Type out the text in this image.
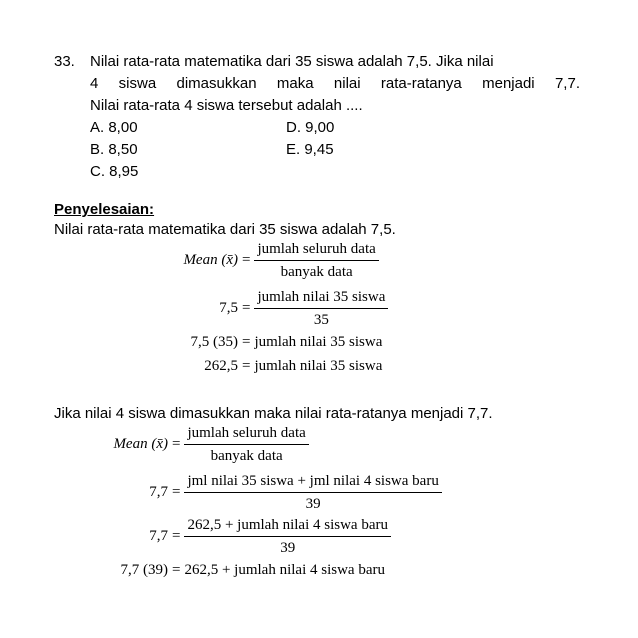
33. Nilai rata-rata matematika dari 35 siswa adalah 7,5. Jika nilai
4 siswa dimasukkan maka nilai rata-ratanya menjadi 7,7.
Nilai rata-rata 4 siswa tersebut adalah ....
A. 8,00
B. 8,50
C. 8,95
D. 9,00
E. 9,45
Penyelesaian:
Nilai rata-rata matematika dari 35 siswa adalah 7,5.
Mean (x̄) = $\frac{\text{jumlah seluruh data}}{\text{banyak data}}$
$7,5 = \frac{\text{jumlah nilai 35 siswa}}{35}$
7,5 (35) = jumlah nilai 35 siswa
262,5 = jumlah nilai 35 siswa
Jika nilai 4 siswa dimasukkan maka nilai rata-ratanya menjadi 7,7.
Mean (x̄) = $\frac{\text{jumlah seluruh data}}{\text{banyak data}}$
$7,7 = \frac{\text{jml nilai 35 siswa + jml nilai 4 siswa baru}}{39}$
$7,7 = \frac{\text{262,5 + jumlah nilai 4 siswa baru}}{39}$
7,7 (39) = 262,5 + jumlah nilai 4 siswa baru
